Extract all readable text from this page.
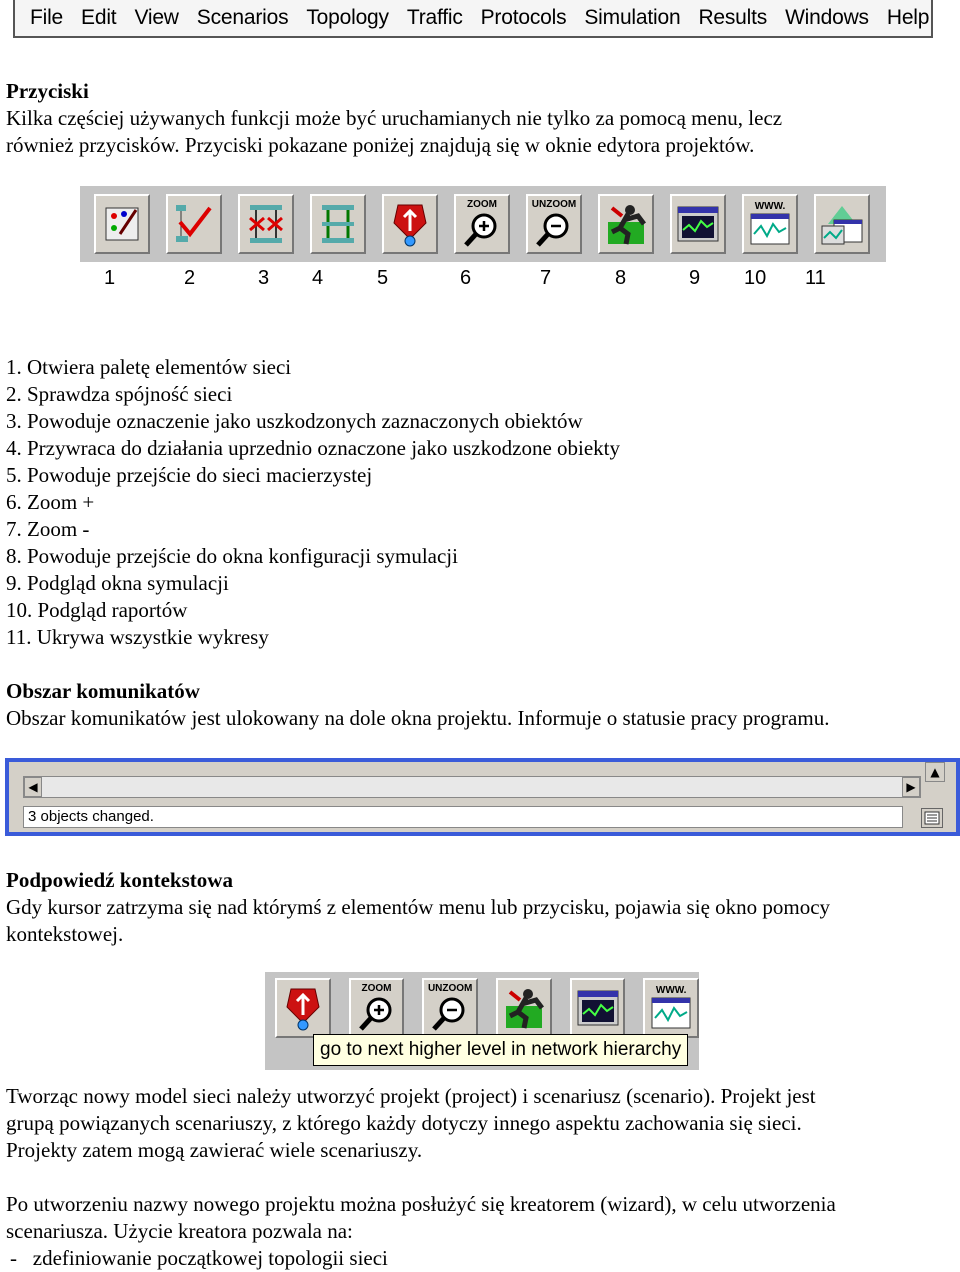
File Edit View Scenarios Topology Traffic Protocols Simulation Results Windows Help
Przyciski
Kilka częściej używanych funkcji może być uruchamianych nie tylko za pomocą menu, lecz
również przycisków. Przyciski pokazane poniżej znajdują się w oknie edytora projektów.
ZOOM	UNZOOM	WWW.
1	2	3 4	5	6	7	8	9 10 11
1. Otwiera paletę elementów sieci
2. Sprawdza spójność sieci
3. Powoduje oznaczenie jako uszkodzonych zaznaczonych obiektów
4. Przywraca do działania uprzednio oznaczone jako uszkodzone obiekty
5. Powoduje przejście do sieci macierzystej
6. Zoom +
7. Zoom -
8. Powoduje przejście do okna konfiguracji symulacji
9. Podgląd okna symulacji
10. Podgląd raportów
11. Ukrywa wszystkie wykresy
Obszar komunikatów
Obszar komunikatów jest ulokowany na dole okna projektu. Informuje o statusie pracy programu.
◀	▶
▲
3 objects changed.
Podpowiedź kontekstowa
Gdy kursor zatrzyma się nad którymś z elementów menu lub przycisku, pojawia się okno pomocy
kontekstowej.
ZOOM	UNZOOM	WWW.
go to next higher level in network hierarchy
Tworząc nowy model sieci należy utworzyć projekt (project) i scenariusz (scenario). Projekt jest
grupą powiązanych scenariuszy, z którego każdy dotyczy innego aspektu zachowania się sieci.
Projekty zatem mogą zawierać wiele scenariuszy.
Po utworzeniu nazwy nowego projektu można posłużyć się kreatorem (wizard), w celu utworzenia
scenariusza. Użycie kreatora pozwala na:
-   zdefiniowanie początkowej topologii sieci
